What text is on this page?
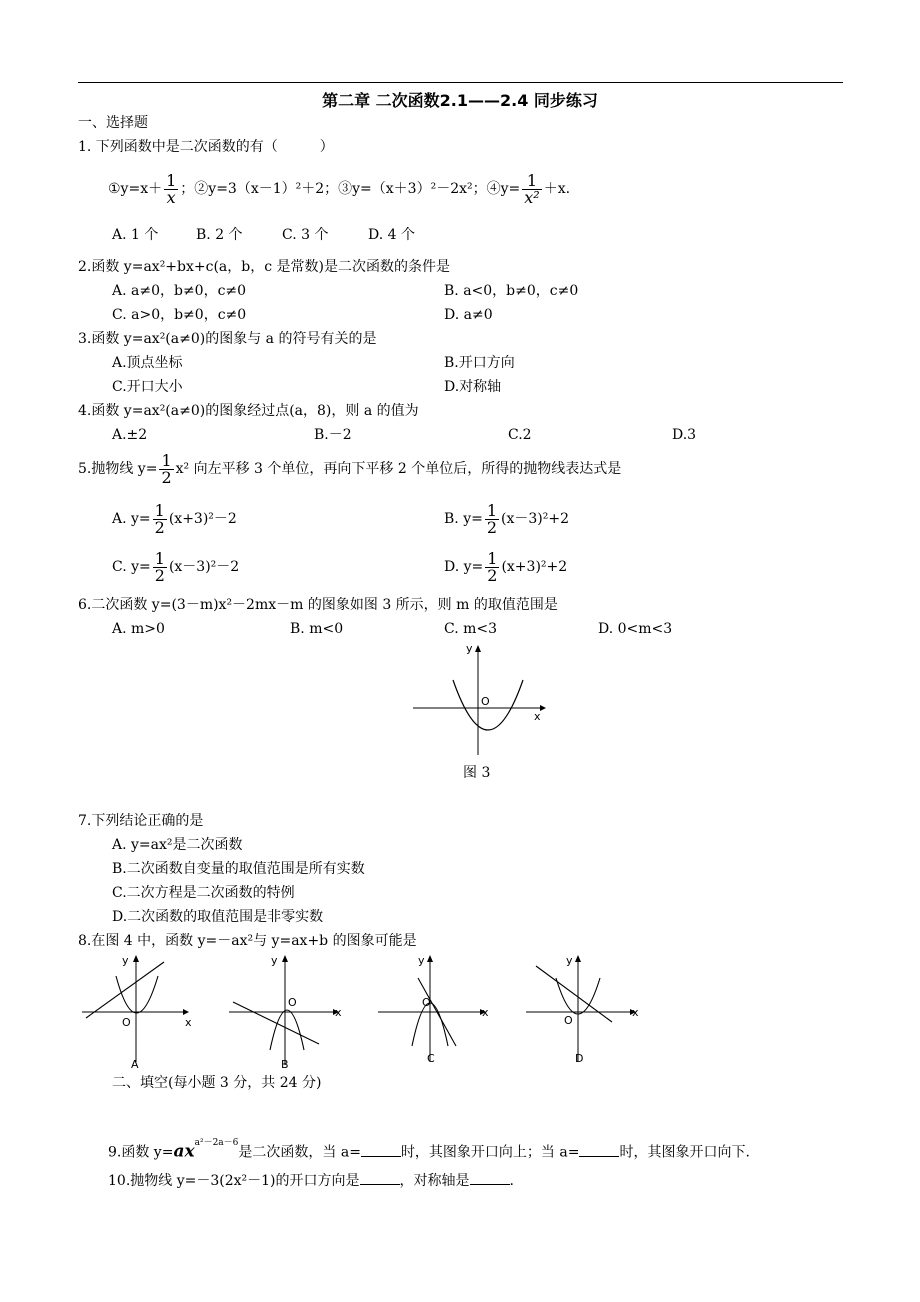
第二章 二次函数2.1——2.4 同步练习
一、选择题
1. 下列函数中是二次函数的有（　　　）
①y=x＋ $\frac{1}{x}$ ；②y=3（x－1）²＋2；③y=（x＋3）²－2x²；④y= $\frac{1}{\text{x²}} +x$.
A. 1 个	B. 2 个	C. 3 个	D. 4 个
2.函数 y=ax²+bx+c(a，b，c 是常数)是二次函数的条件是
A. a≠0，b≠0，c≠0	B. a<0，b≠0，c≠0
C. a>0，b≠0，c≠0	D. a≠0
3.函数 y=ax²(a≠0)的图象与 a 的符号有关的是
A.顶点坐标	B.开口方向
C.开口大小	D.对称轴
4.函数 y=ax²(a≠0)的图象经过点(a，8)，则 a 的值为
A.±2	B.－2	C.2	D.3
5.抛物线 $y= \frac{1}{2} x^2$ 向左平移 3 个单位，再向下平移 2 个单位后，所得的抛物线表达式是
A. $y= \frac{1}{2} (x+3)^2-2$	B. $y= \frac{1}{2} (x-3)^2+2$
C. $y= \frac{1}{2} (x-3)^2-2$	D. $y= \frac{1}{2} (x+3)^2+2$
6.二次函数 y=(3－m)x²－2mx－m 的图象如图 3 所示，则 m 的取值范围是
A. m>0	B. m<0	C. m<3	D. 0<m<3
y
x
O
图 3
7.下列结论正确的是
A. y=ax²是二次函数
B.二次函数自变量的取值范围是所有实数
C.二次方程是二次函数的特例
D.二次函数的取值范围是非零实数
8.在图 4 中，函数 y=－ax²与 y=ax+b 的图象可能是
y
x
O
A
y
x
O
B
y
x
O
C
y
x
O
D
二、填空(每小题 3 分，共 24 分)
9.函数 $y=ax^{a^2-2a-6}$是二次函数，当 a=	时，其图象开口向上；当 a=	时，其图象开口向下.
10.抛物线 y=－3(2x²－1)的开口方向是	，对称轴是	.
